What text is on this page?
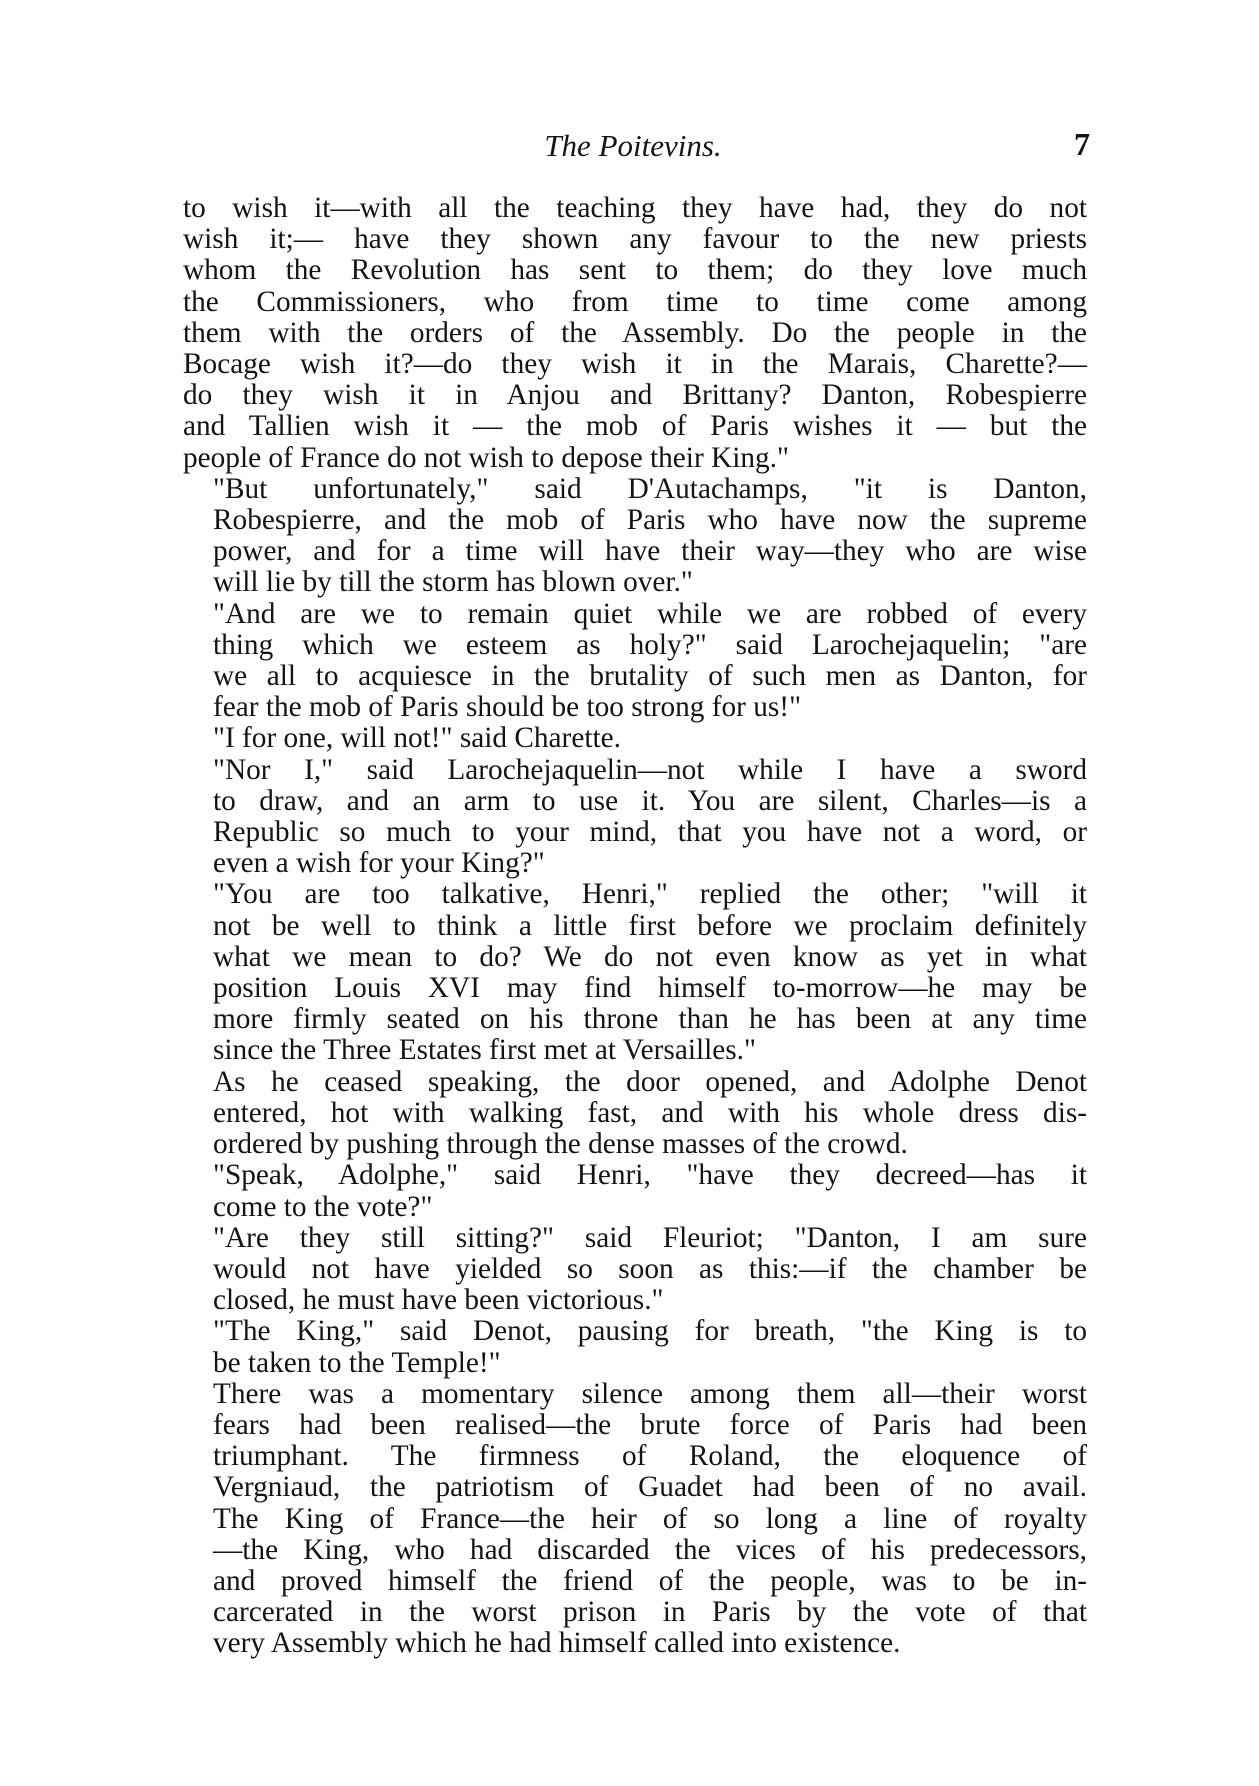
The Poitevins.	7
to wish it—with all the teaching they have had, they do not
wish it;— have they shown any favour to the new priests
whom the Revolution has sent to them; do they love much
the Commissioners, who from time to time come among
them with the orders of the Assembly. Do the people in the
Bocage wish it?—do they wish it in the Marais, Charette?—
do they wish it in Anjou and Brittany? Danton, Robespierre
and Tallien wish it — the mob of Paris wishes it — but the
people of France do not wish to depose their King."
"But unfortunately," said D'Autachamps, "it is Danton,
Robespierre, and the mob of Paris who have now the supreme
power, and for a time will have their way—they who are wise
will lie by till the storm has blown over."
"And are we to remain quiet while we are robbed of every
thing which we esteem as holy?" said Larochejaquelin; "are
we all to acquiesce in the brutality of such men as Danton, for
fear the mob of Paris should be too strong for us!"
"I for one, will not!" said Charette.
"Nor I," said Larochejaquelin—not while I have a sword
to draw, and an arm to use it. You are silent, Charles—is a
Republic so much to your mind, that you have not a word, or
even a wish for your King?"
"You are too talkative, Henri," replied the other; "will it
not be well to think a little first before we proclaim definitely
what we mean to do? We do not even know as yet in what
position Louis XVI may find himself to-morrow—he may be
more firmly seated on his throne than he has been at any time
since the Three Estates first met at Versailles."
As he ceased speaking, the door opened, and Adolphe Denot
entered, hot with walking fast, and with his whole dress dis-
ordered by pushing through the dense masses of the crowd.
"Speak, Adolphe," said Henri, "have they decreed—has it
come to the vote?"
"Are they still sitting?" said Fleuriot; "Danton, I am sure
would not have yielded so soon as this:—if the chamber be
closed, he must have been victorious."
"The King," said Denot, pausing for breath, "the King is to
be taken to the Temple!"
There was a momentary silence among them all—their worst
fears had been realised—the brute force of Paris had been
triumphant. The firmness of Roland, the eloquence of
Vergniaud, the patriotism of Guadet had been of no avail.
The King of France—the heir of so long a line of royalty
—the King, who had discarded the vices of his predecessors,
and proved himself the friend of the people, was to be in-
carcerated in the worst prison in Paris by the vote of that
very Assembly which he had himself called into existence.
